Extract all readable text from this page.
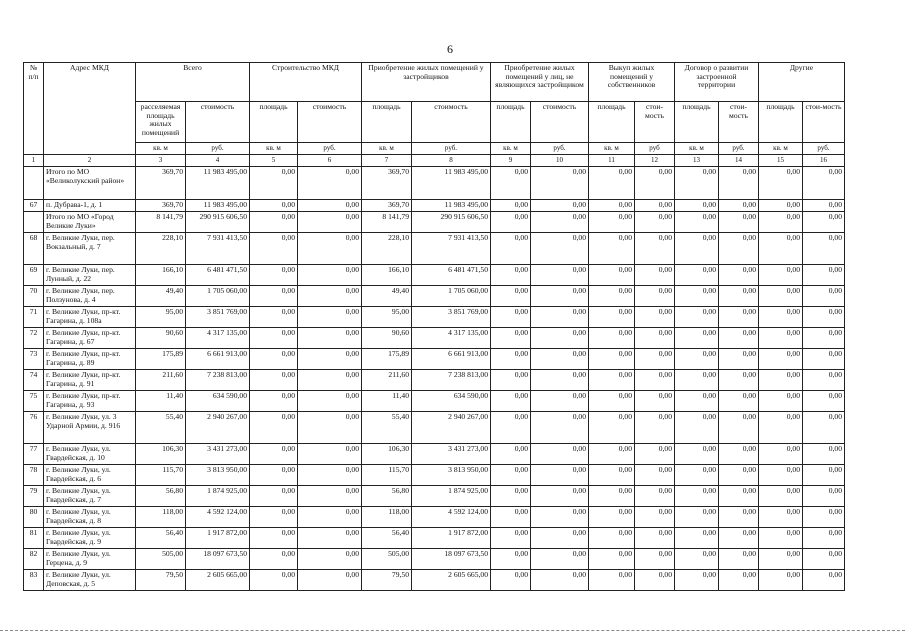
6
№ п/п	Адрес МКД	Всего		Строительство МКД		Приобретение жилых помещений у застройщиков		Приобретение жилых помещений у лиц, не являющихся застройщиком		Выкуп жилых помещений у собственников		Договор о развитии застроенной территории		Другие	
		расселяемая площадь жилых помещений	стоимость	площадь	стоимость	площадь	стоимость	площадь	стоимость	площадь	стои-мость	площадь	стои-мость	площадь	стои-мость
		кв. м	руб.	кв. м	руб.	кв. м	руб.	кв. м	руб.	кв. м	руб	кв. м	руб.	кв. м	руб.
1	2	3	4	5	6	7	8	9	10	11	12	13	14	15	16
	Итого по МО «Великолукский район»	369,70	11 983 495,00	0,00	0,00	369,70	11 983 495,00	0,00	0,00	0,00	0,00	0,00	0,00	0,00	0,00
67	п. Дубрава-1, д. 1	369,70	11 983 495,00	0,00	0,00	369,70	11 983 495,00	0,00	0,00	0,00	0,00	0,00	0,00	0,00	0,00
	Итого по МО «Город Великие Луки»	8 141,79	290 915 606,50	0,00	0,00	8 141,79	290 915 606,50	0,00	0,00	0,00	0,00	0,00	0,00	0,00	0,00
68	г. Великие Луки, пер. Вокзальный, д. 7	228,10	7 931 413,50	0,00	0,00	228,10	7 931 413,50	0,00	0,00	0,00	0,00	0,00	0,00	0,00	0,00
69	г. Великие Луки, пер. Лунный, д. 22	166,10	6 481 471,50	0,00	0,00	166,10	6 481 471,50	0,00	0,00	0,00	0,00	0,00	0,00	0,00	0,00
70	г. Великие Луки, пер. Ползунова, д. 4	49,40	1 705 060,00	0,00	0,00	49,40	1 705 060,00	0,00	0,00	0,00	0,00	0,00	0,00	0,00	0,00
71	г. Великие Луки, пр-кт. Гагарина, д. 108а	95,00	3 851 769,00	0,00	0,00	95,00	3 851 769,00	0,00	0,00	0,00	0,00	0,00	0,00	0,00	0,00
72	г. Великие Луки, пр-кт. Гагарина, д. 67	90,60	4 317 135,00	0,00	0,00	90,60	4 317 135,00	0,00	0,00	0,00	0,00	0,00	0,00	0,00	0,00
73	г. Великие Луки, пр-кт. Гагарина, д. 89	175,89	6 661 913,00	0,00	0,00	175,89	6 661 913,00	0,00	0,00	0,00	0,00	0,00	0,00	0,00	0,00
74	г. Великие Луки, пр-кт. Гагарина, д. 91	211,60	7 238 813,00	0,00	0,00	211,60	7 238 813,00	0,00	0,00	0,00	0,00	0,00	0,00	0,00	0,00
75	г. Великие Луки, пр-кт. Гагарина, д. 93	11,40	634 590,00	0,00	0,00	11,40	634 590,00	0,00	0,00	0,00	0,00	0,00	0,00	0,00	0,00
76	г. Великие Луки, ул. 3 Ударной Армии, д. 916	55,40	2 940 267,00	0,00	0,00	55,40	2 940 267,00	0,00	0,00	0,00	0,00	0,00	0,00	0,00	0,00
77	г. Великие Луки, ул. Гвардейская, д. 10	106,30	3 431 273,00	0,00	0,00	106,30	3 431 273,00	0,00	0,00	0,00	0,00	0,00	0,00	0,00	0,00
78	г. Великие Луки, ул. Гвардейская, д. 6	115,70	3 813 950,00	0,00	0,00	115,70	3 813 950,00	0,00	0,00	0,00	0,00	0,00	0,00	0,00	0,00
79	г. Великие Луки, ул. Гвардейская, д. 7	56,80	1 874 925,00	0,00	0,00	56,80	1 874 925,00	0,00	0,00	0,00	0,00	0,00	0,00	0,00	0,00
80	г. Великие Луки, ул. Гвардейская, д. 8	118,00	4 592 124,00	0,00	0,00	118,00	4 592 124,00	0,00	0,00	0,00	0,00	0,00	0,00	0,00	0,00
81	г. Великие Луки, ул. Гвардейская, д. 9	56,40	1 917 872,00	0,00	0,00	56,40	1 917 872,00	0,00	0,00	0,00	0,00	0,00	0,00	0,00	0,00
82	г. Великие Луки, ул. Герцена, д. 9	505,00	18 097 673,50	0,00	0,00	505,00	18 097 673,50	0,00	0,00	0,00	0,00	0,00	0,00	0,00	0,00
83	г. Великие Луки, ул. Деповская, д. 5	79,50	2 605 665,00	0,00	0,00	79,50	2 605 665,00	0,00	0,00	0,00	0,00	0,00	0,00	0,00	0,00
